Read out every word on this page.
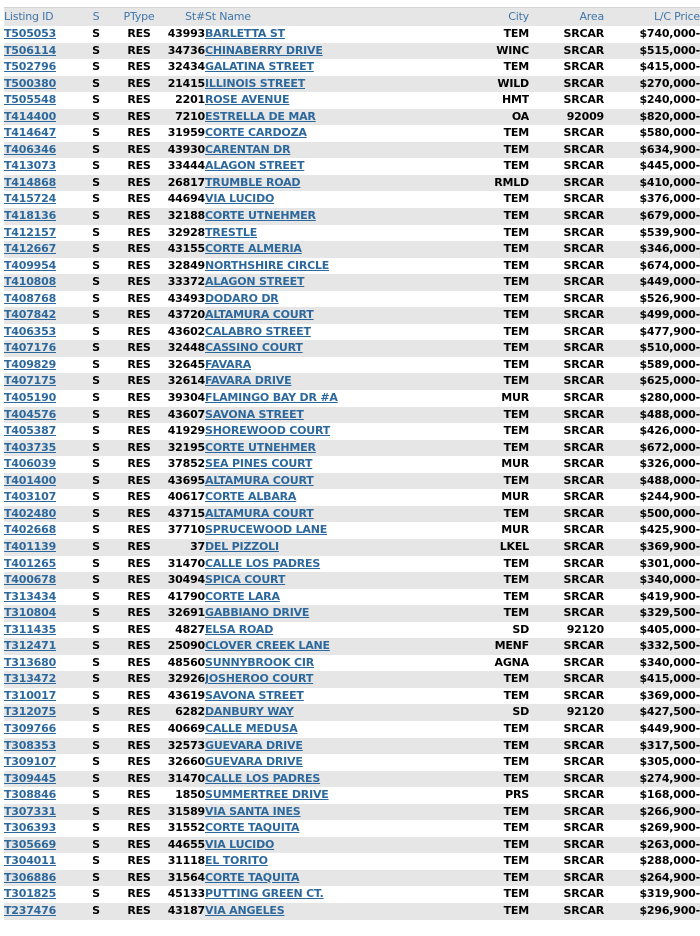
Listing ID	S	PType	St#	St Name	City	Area	L/C Price
T505053	S	RES	43993	BARLETTA ST	TEM	SRCAR	$740,000-
T506114	S	RES	34736	CHINABERRY DRIVE	WINC	SRCAR	$515,000-
T502796	S	RES	32434	GALATINA STREET	TEM	SRCAR	$415,000-
T500380	S	RES	21415	ILLINOIS STREET	WILD	SRCAR	$270,000-
T505548	S	RES	2201	ROSE AVENUE	HMT	SRCAR	$240,000-
T414400	S	RES	7210	ESTRELLA DE MAR	OA	92009	$820,000-
T414647	S	RES	31959	CORTE CARDOZA	TEM	SRCAR	$580,000-
T406346	S	RES	43930	CARENTAN DR	TEM	SRCAR	$634,900-
T413073	S	RES	33444	ALAGON STREET	TEM	SRCAR	$445,000-
T414868	S	RES	26817	TRUMBLE ROAD	RMLD	SRCAR	$410,000-
T415724	S	RES	44694	VIA LUCIDO	TEM	SRCAR	$376,000-
T418136	S	RES	32188	CORTE UTNEHMER	TEM	SRCAR	$679,000-
T412157	S	RES	32928	TRESTLE	TEM	SRCAR	$539,900-
T412667	S	RES	43155	CORTE ALMERIA	TEM	SRCAR	$346,000-
T409954	S	RES	32849	NORTHSHIRE CIRCLE	TEM	SRCAR	$674,000-
T410808	S	RES	33372	ALAGON STREET	TEM	SRCAR	$449,000-
T408768	S	RES	43493	DODARO DR	TEM	SRCAR	$526,900-
T407842	S	RES	43720	ALTAMURA COURT	TEM	SRCAR	$499,000-
T406353	S	RES	43602	CALABRO STREET	TEM	SRCAR	$477,900-
T407176	S	RES	32448	CASSINO COURT	TEM	SRCAR	$510,000-
T409829	S	RES	32645	FAVARA	TEM	SRCAR	$589,000-
T407175	S	RES	32614	FAVARA DRIVE	TEM	SRCAR	$625,000-
T405190	S	RES	39304	FLAMINGO BAY DR #A	MUR	SRCAR	$280,000-
T404576	S	RES	43607	SAVONA STREET	TEM	SRCAR	$488,000-
T405387	S	RES	41929	SHOREWOOD COURT	TEM	SRCAR	$426,000-
T403735	S	RES	32195	CORTE UTNEHMER	TEM	SRCAR	$672,000-
T406039	S	RES	37852	SEA PINES COURT	MUR	SRCAR	$326,000-
T401400	S	RES	43695	ALTAMURA COURT	TEM	SRCAR	$488,000-
T403107	S	RES	40617	CORTE ALBARA	MUR	SRCAR	$244,900-
T402480	S	RES	43715	ALTAMURA COURT	TEM	SRCAR	$500,000-
T402668	S	RES	37710	SPRUCEWOOD LANE	MUR	SRCAR	$425,900-
T401139	S	RES	37	DEL PIZZOLI	LKEL	SRCAR	$369,900-
T401265	S	RES	31470	CALLE LOS PADRES	TEM	SRCAR	$301,000-
T400678	S	RES	30494	SPICA COURT	TEM	SRCAR	$340,000-
T313434	S	RES	41790	CORTE LARA	TEM	SRCAR	$419,900-
T310804	S	RES	32691	GABBIANO DRIVE	TEM	SRCAR	$329,500-
T311435	S	RES	4827	ELSA ROAD	SD	92120	$405,000-
T312471	S	RES	25090	CLOVER CREEK LANE	MENF	SRCAR	$332,500-
T313680	S	RES	48560	SUNNYBROOK CIR	AGNA	SRCAR	$340,000-
T313472	S	RES	32926	JOSHEROO COURT	TEM	SRCAR	$415,000-
T310017	S	RES	43619	SAVONA STREET	TEM	SRCAR	$369,000-
T312075	S	RES	6282	DANBURY WAY	SD	92120	$427,500-
T309766	S	RES	40669	CALLE MEDUSA	TEM	SRCAR	$449,900-
T308353	S	RES	32573	GUEVARA DRIVE	TEM	SRCAR	$317,500-
T309107	S	RES	32660	GUEVARA DRIVE	TEM	SRCAR	$305,000-
T309445	S	RES	31470	CALLE LOS PADRES	TEM	SRCAR	$274,900-
T308846	S	RES	1850	SUMMERTREE DRIVE	PRS	SRCAR	$168,000-
T307331	S	RES	31589	VIA SANTA INES	TEM	SRCAR	$266,900-
T306393	S	RES	31552	CORTE TAQUITA	TEM	SRCAR	$269,900-
T305669	S	RES	44655	VIA LUCIDO	TEM	SRCAR	$263,000-
T304011	S	RES	31118	EL TORITO	TEM	SRCAR	$288,000-
T306886	S	RES	31564	CORTE TAQUITA	TEM	SRCAR	$264,900-
T301825	S	RES	45133	PUTTING GREEN CT.	TEM	SRCAR	$319,900-
T237476	S	RES	43187	VIA ANGELES	TEM	SRCAR	$296,900-
